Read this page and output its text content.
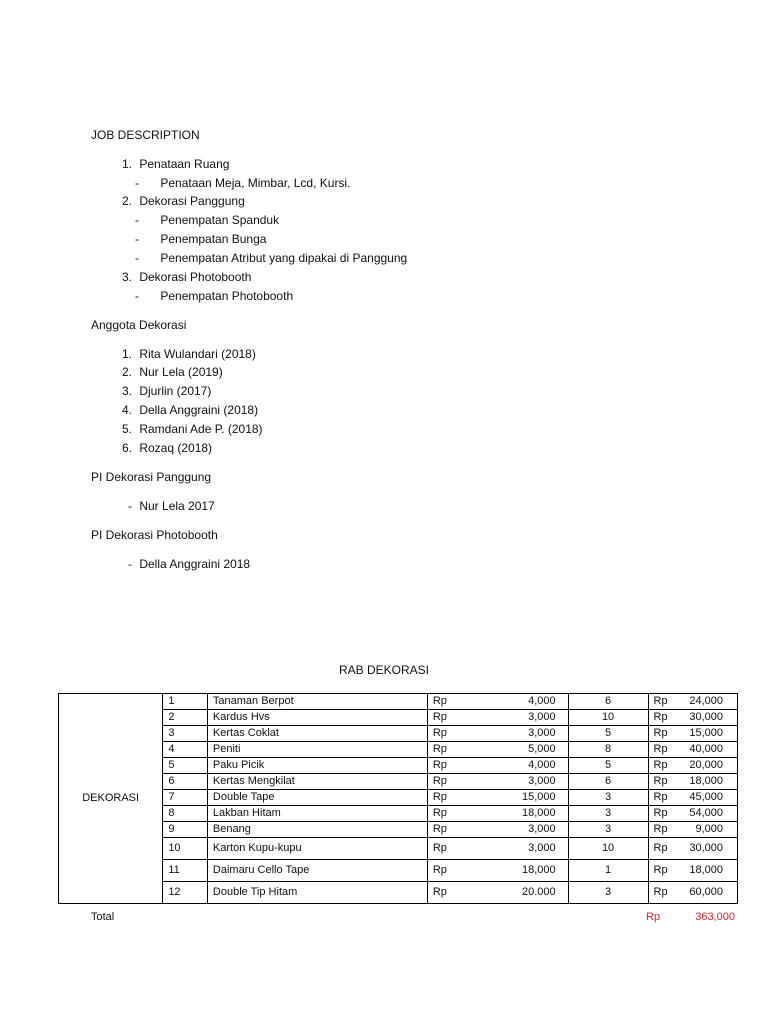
JOB DESCRIPTION
1. Penataan Ruang
- Penataan Meja, Mimbar, Lcd, Kursi.
2. Dekorasi Panggung
- Penempatan Spanduk
- Penempatan Bunga
- Penempatan Atribut yang dipakai di Panggung
3. Dekorasi Photobooth
- Penempatan Photobooth
Anggota Dekorasi
1. Rita Wulandari (2018)
2. Nur Lela (2019)
3. Djurlin (2017)
4. Della Anggraini (2018)
5. Ramdani Ade P. (2018)
6. Rozaq (2018)
PI Dekorasi Panggung
- Nur Lela 2017
PI Dekorasi Photobooth
- Della Anggraini 2018
RAB DEKORASI
DEKORASI	1	Tanaman Berpot	Rp	4,000	6	Rp	24,000
	2	Kardus Hvs	Rp	3,000	10	Rp	30,000
	3	Kertas Coklat	Rp	3,000	5	Rp	15,000
	4	Peniti	Rp	5,000	8	Rp	40,000
	5	Paku Picik	Rp	4,000	5	Rp	20,000
	6	Kertas Mengkilat	Rp	3,000	6	Rp	18,000
	7	Double Tape	Rp	15,000	3	Rp	45,000
	8	Lakban Hitam	Rp	18,000	3	Rp	54,000
	9	Benang	Rp	3,000	3	Rp	9,000
	10	Karton Kupu-kupu	Rp	3,000	10	Rp	30,000
	11	Daimaru Cello Tape	Rp	18,000	1	Rp	18,000
	12	Double Tip Hitam	Rp	20.000	3	Rp	60,000
Total	Rp	363,000
